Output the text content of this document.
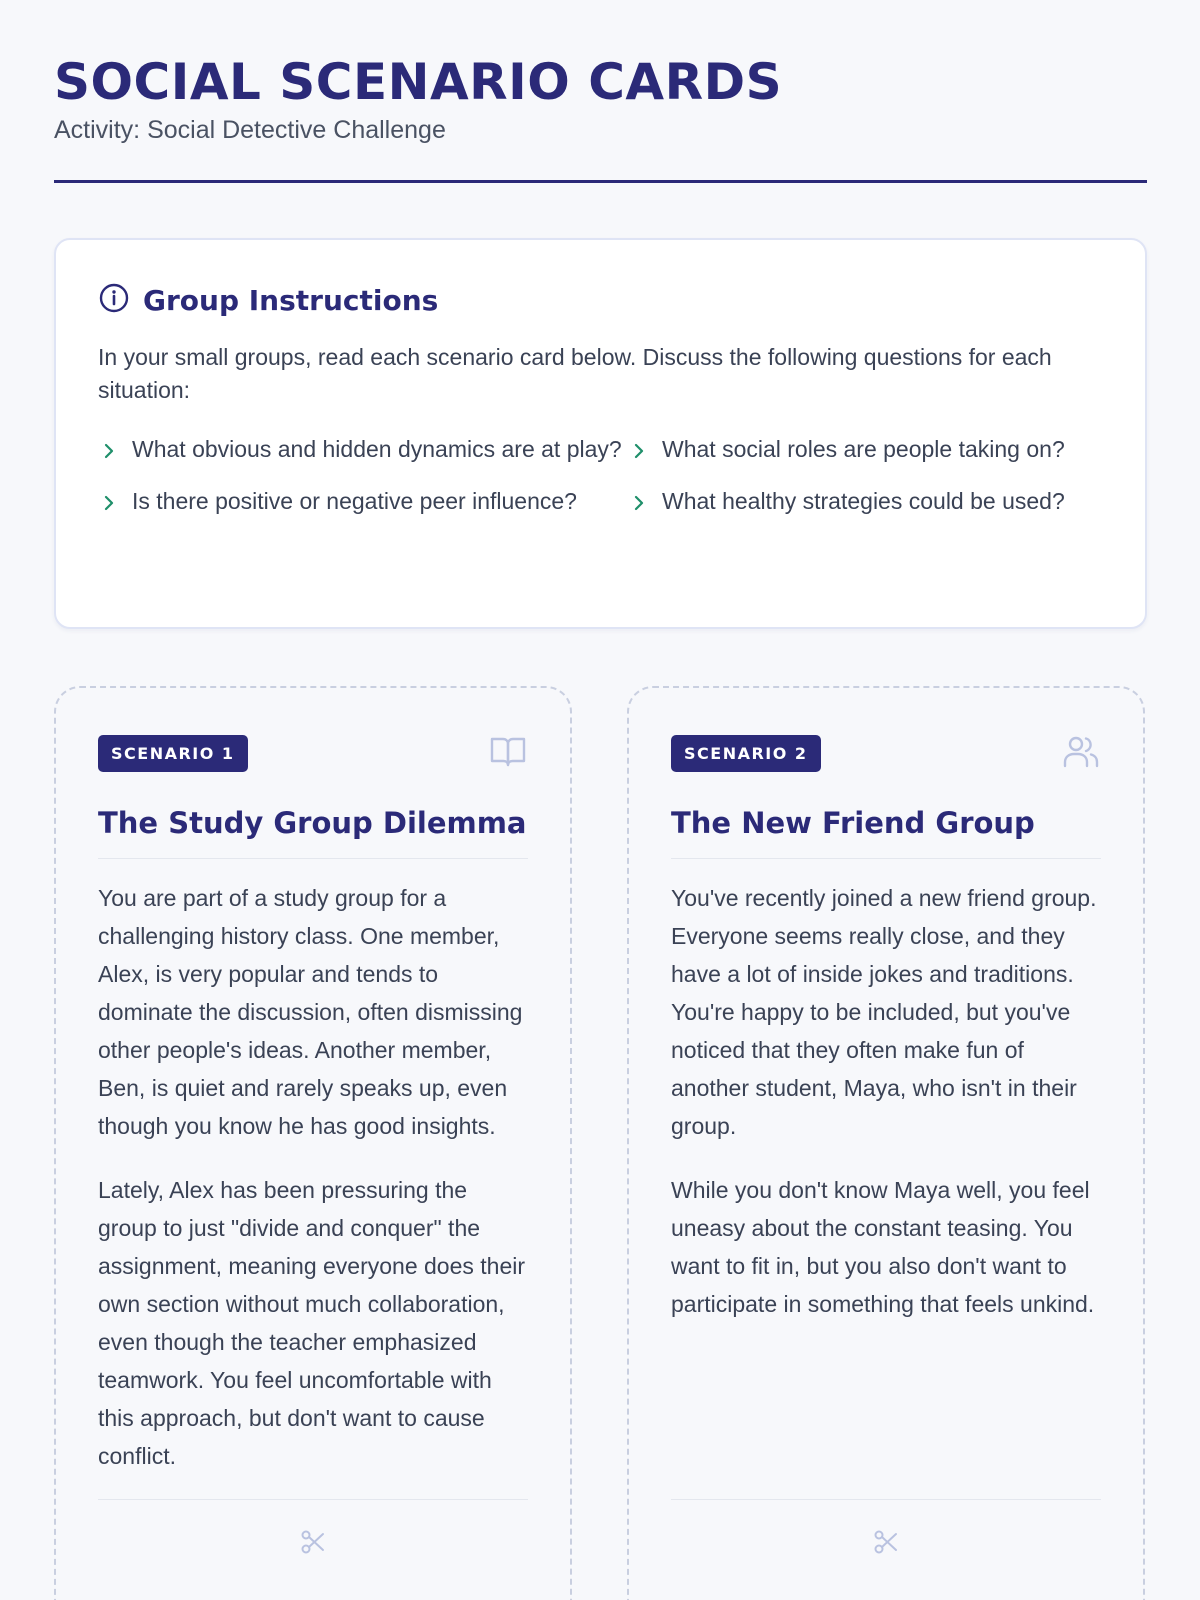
SOCIAL SCENARIO CARDS
Activity: Social Detective Challenge
Group Instructions

In your small groups, read each scenario card below. Discuss the following questions for each situation:

What obvious and hidden dynamics are at play? What social roles are people taking on?
Is there positive or negative peer influence?	What healthy strategies could be used?
SCENARIO 1
The Study Group Dilemma

You are part of a study group for a challenging history class. One member, Alex, is very popular and tends to dominate the discussion, often dismissing other people's ideas. Another member, Ben, is quiet and rarely speaks up, even though you know he has good insights.

Lately, Alex has been pressuring the group to just "divide and conquer" the assignment, meaning everyone does their own section without much collaboration, even though the teacher emphasized teamwork. You feel uncomfortable with this approach, but don't want to cause conflict.

SCENARIO 2
The New Friend Group

You've recently joined a new friend group. Everyone seems really close, and they have a lot of inside jokes and traditions. You're happy to be included, but you've noticed that they often make fun of another student, Maya, who isn't in their group.

While you don't know Maya well, you feel uneasy about the constant teasing. You want to fit in, but you also don't want to participate in something that feels unkind.
